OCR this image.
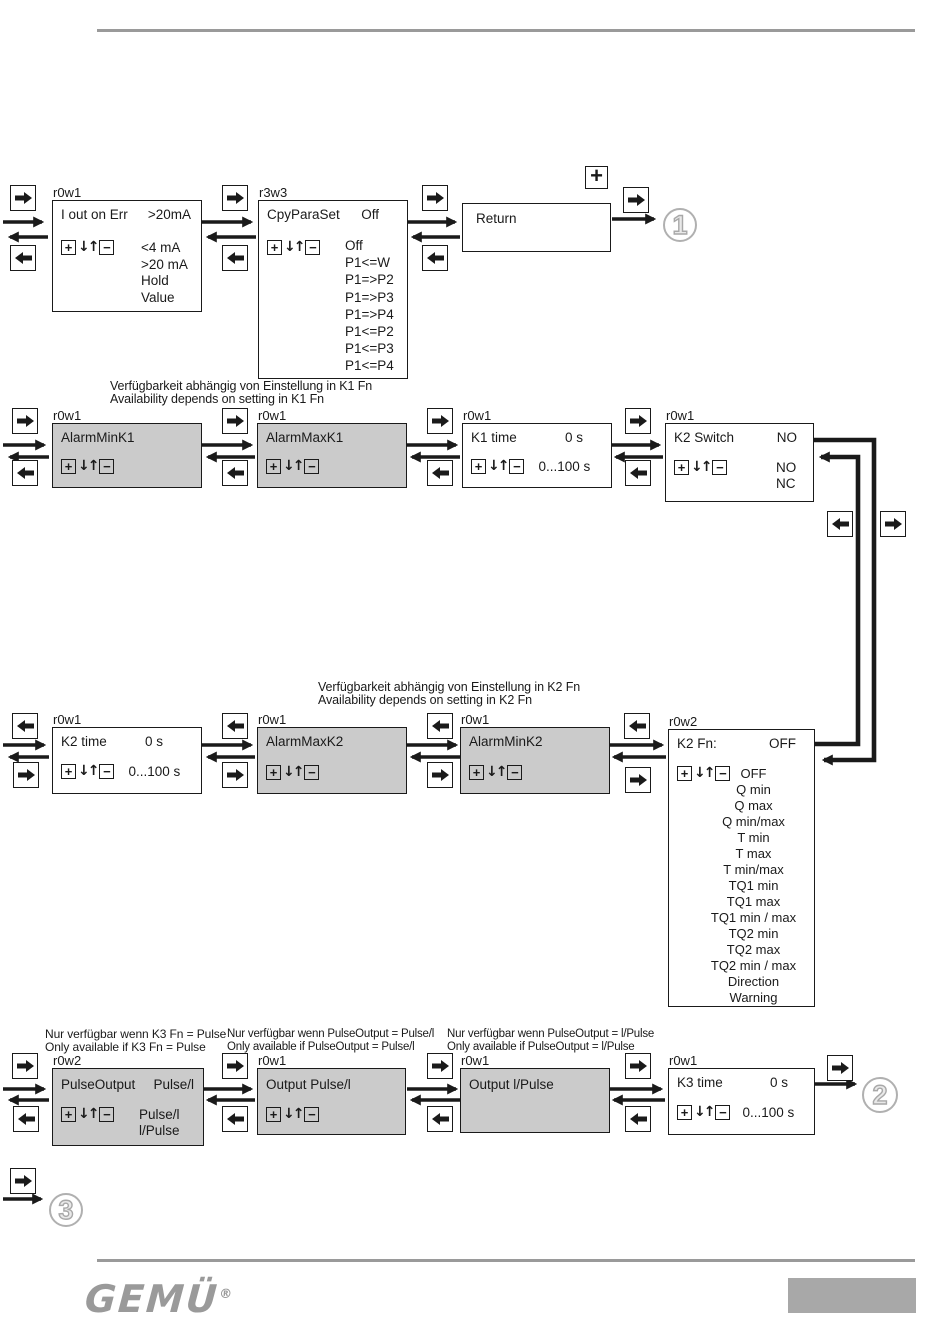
r0w1
I out on Err >20mA
+ ↓↑ − <4 mA
>20 mA
Hold
Value
r3w3
CpyParaSet Off
+ ↓↑ − Off
P1<=W
P1=>P2
P1=>P3
P1=>P4
P1<=P2
P1<=P3
P1<=P4
+
Return	1
Verfügbarkeit abhängig von Einstellung in K1 Fn
Availability depends on setting in K1 Fn
r0w1
AlarmMinK1
+ ↓↑ −
r0w1
AlarmMaxK1
+ ↓↑ −
r0w1
K1 time	0 s
+ ↓↑ − 0...100 s
r0w1
K2 Switch	NO
+ ↓↑ −	NO
NC
Verfügbarkeit abhängig von Einstellung in K2 Fn
Availability depends on setting in K2 Fn
r0w1
K2 time	0 s
+ ↓↑ − 0...100 s
r0w1
AlarmMaxK2
+ ↓↑ −
r0w1
AlarmMinK2
+ ↓↑ −
r0w2
K2 Fn:	OFF
+ ↓↑ −	OFF
Q min
Q max
Q min/max
T min
T max
T min/max
TQ1 min
TQ1 max
TQ1 min / max
TQ2 min
TQ2 max
TQ2 min / max
Direction
Warning
Nur verfügbar wenn K3 Fn = Pulse
Only available if K3 Fn = Pulse
Nur verfügbar wenn PulseOutput = Pulse/l
Only available if PulseOutput = Pulse/l
Nur verfügbar wenn PulseOutput = l/Pulse
Only available if PulseOutput = l/Pulse
r0w2
PulseOutput Pulse/l
+ ↓↑ − Pulse/l
l/Pulse
r0w1
Output Pulse/l
+ ↓↑ −
r0w1
Output l/Pulse
r0w1
K3 time	0 s
+ ↓↑ − 0...100 s
2
3
GEMÜ®
